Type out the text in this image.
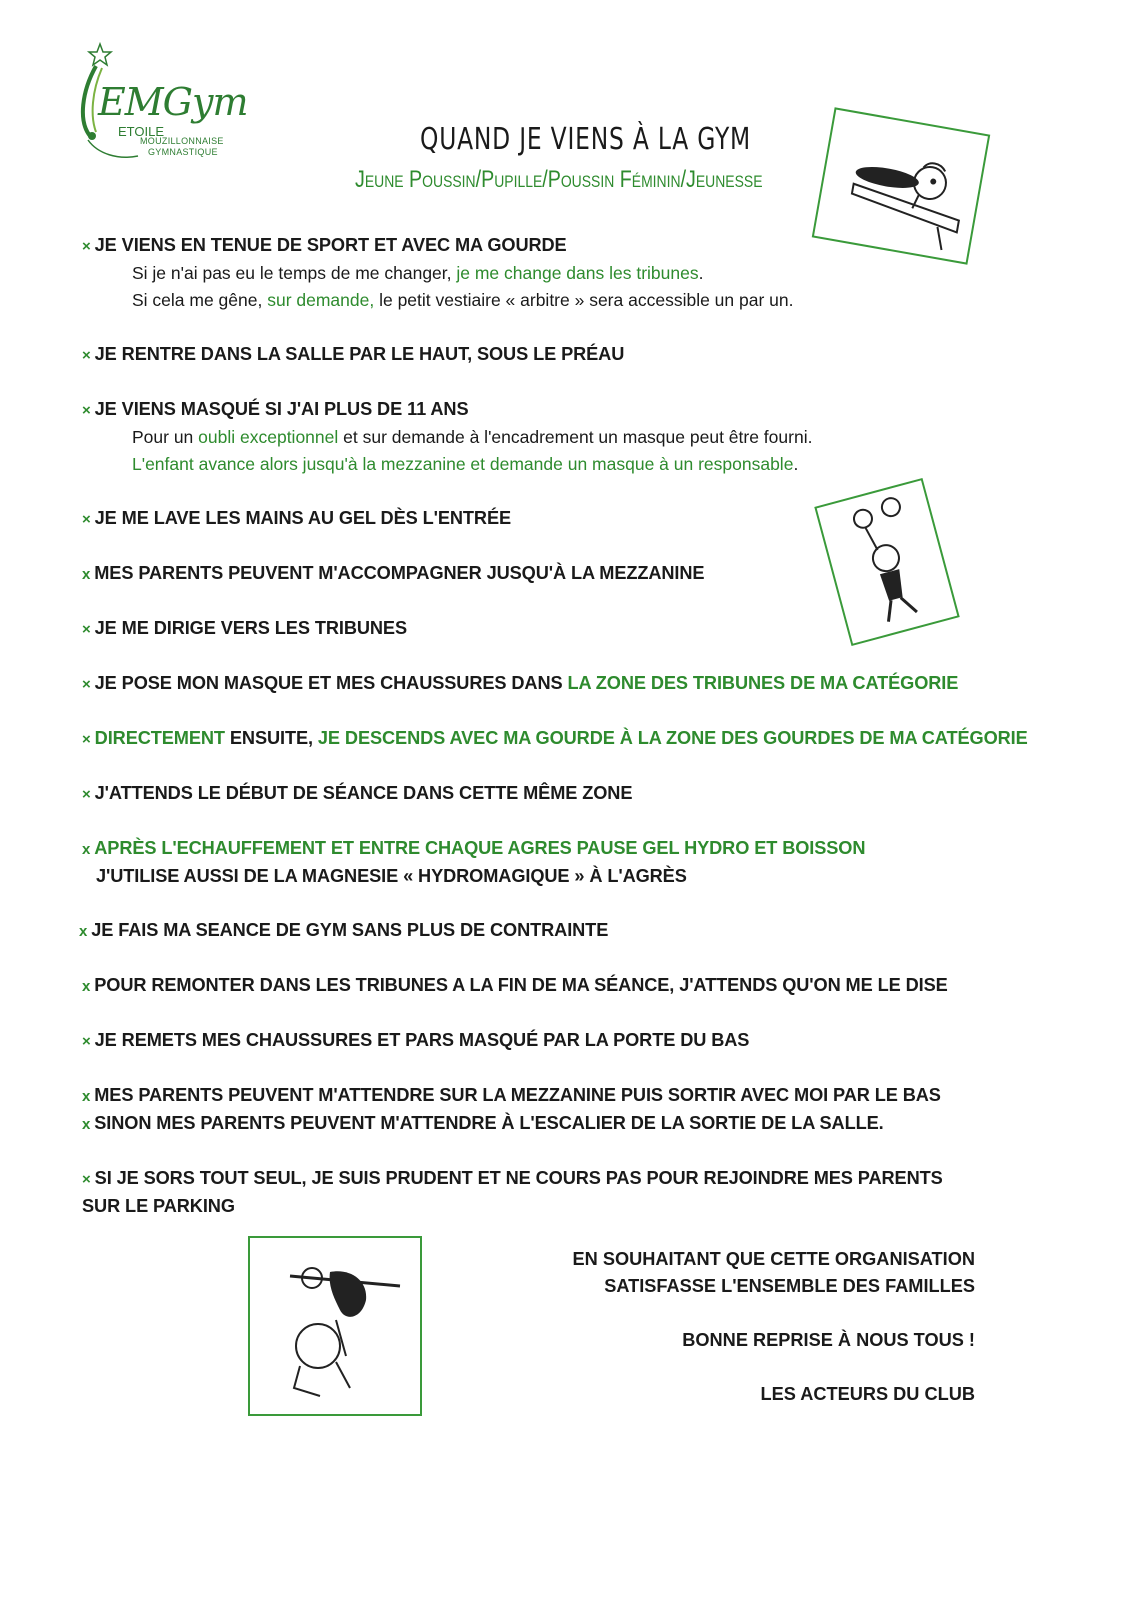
EMGym
ETOILE
MOUZILLONNAISE
GYMNASTIQUE	QUAND JE VIENS À LA GYM
Jeune Poussin/Pupille/Poussin Féminin/Jeunesse
× JE VIENS EN TENUE DE SPORT ET AVEC MA GOURDE
Si je n'ai pas eu le temps de me changer, je me change dans les tribunes.
Si cela me gêne, sur demande, le petit vestiaire « arbitre » sera accessible un par un.
× JE RENTRE DANS LA SALLE PAR LE HAUT, SOUS LE PRÉAU
× JE VIENS MASQUÉ SI J'AI PLUS DE 11 ANS
Pour un oubli exceptionnel et sur demande à l'encadrement un masque peut être fourni.
L'enfant avance alors jusqu'à la mezzanine et demande un masque à un responsable.
× JE ME LAVE LES MAINS AU GEL DÈS L'ENTRÉE
x MES PARENTS PEUVENT M'ACCOMPAGNER JUSQU'À LA MEZZANINE
× JE ME DIRIGE VERS LES TRIBUNES
× JE POSE MON MASQUE ET MES CHAUSSURES DANS LA ZONE DES TRIBUNES DE MA CATÉGORIE
× DIRECTEMENT ENSUITE, JE DESCENDS AVEC MA GOURDE À LA ZONE DES GOURDES DE MA CATÉGORIE
× J'ATTENDS LE DÉBUT DE SÉANCE DANS CETTE MÊME ZONE
x APRÈS L'ECHAUFFEMENT ET ENTRE CHAQUE AGRES PAUSE GEL HYDRO ET BOISSON
J'UTILISE AUSSI DE LA MAGNESIE « HYDROMAGIQUE » À L'AGRÈS
x JE FAIS MA SEANCE DE GYM SANS PLUS DE CONTRAINTE
x POUR REMONTER DANS LES TRIBUNES A LA FIN DE MA SÉANCE, J'ATTENDS QU'ON ME LE DISE
× JE REMETS MES CHAUSSURES ET PARS MASQUÉ PAR LA PORTE DU BAS
x MES PARENTS PEUVENT M'ATTENDRE SUR LA MEZZANINE PUIS SORTIR AVEC MOI PAR LE BAS
x SINON MES PARENTS PEUVENT M'ATTENDRE À L'ESCALIER DE LA SORTIE DE LA SALLE.
× SI JE SORS TOUT SEUL, JE SUIS PRUDENT ET NE COURS PAS POUR REJOINDRE MES PARENTS
SUR LE PARKING

EN SOUHAITANT QUE CETTE ORGANISATION

SATISFASSE L'ENSEMBLE DES FAMILLES

BONNE REPRISE À NOUS TOUS !

LES ACTEURS DU CLUB
